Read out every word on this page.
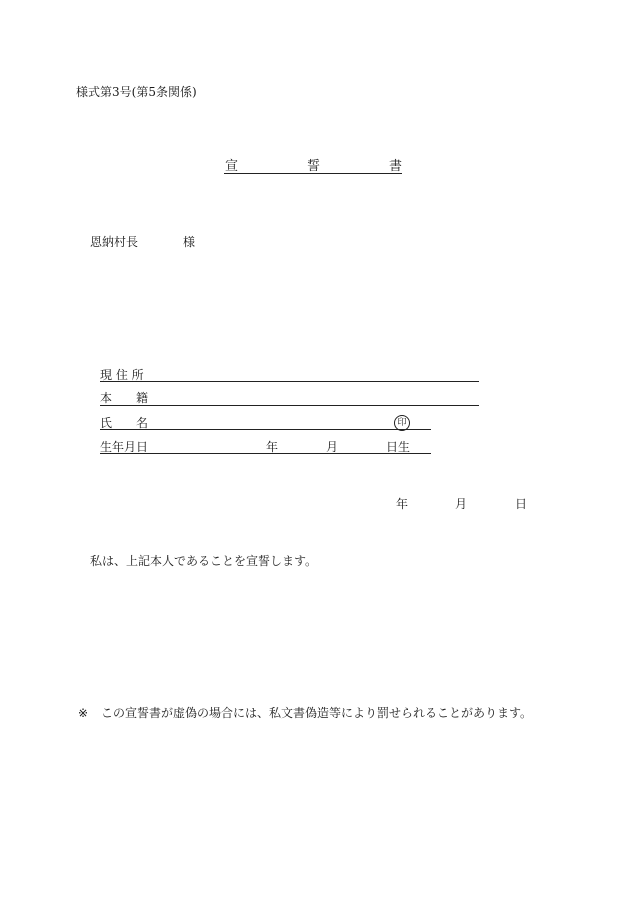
様式第3号(第5条関係)
宣	誓	書
恩納村長	様
現 住 所
本　　籍
氏　　名	印
生年月日	年	月	日生
年	月	日
私は、上記本人であることを宣誓します。
※ この宣誓書が虚偽の場合には、私文書偽造等により罰せられることがあります。
